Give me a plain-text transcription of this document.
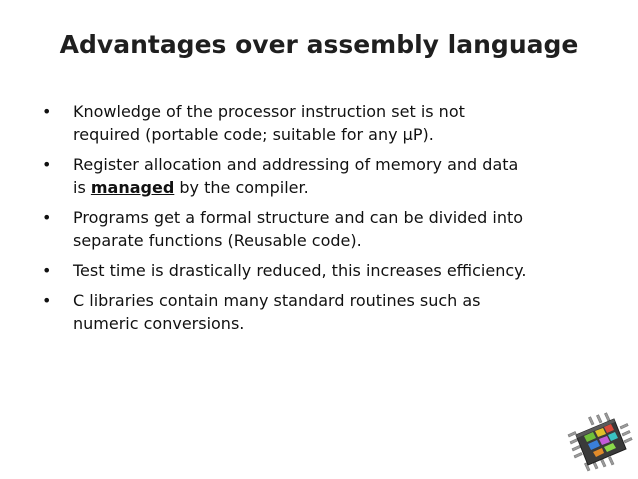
Advantages over assembly language
•	Knowledge of the processor instruction set is not
required (portable code; suitable for any μP).
•	Register allocation and addressing of memory and data
is managed by the compiler.
•	Programs get a formal structure and can be divided into
separate functions (Reusable code).
•	Test time is drastically reduced, this increases efficiency.
•	C libraries contain many standard routines such as
numeric conversions.
